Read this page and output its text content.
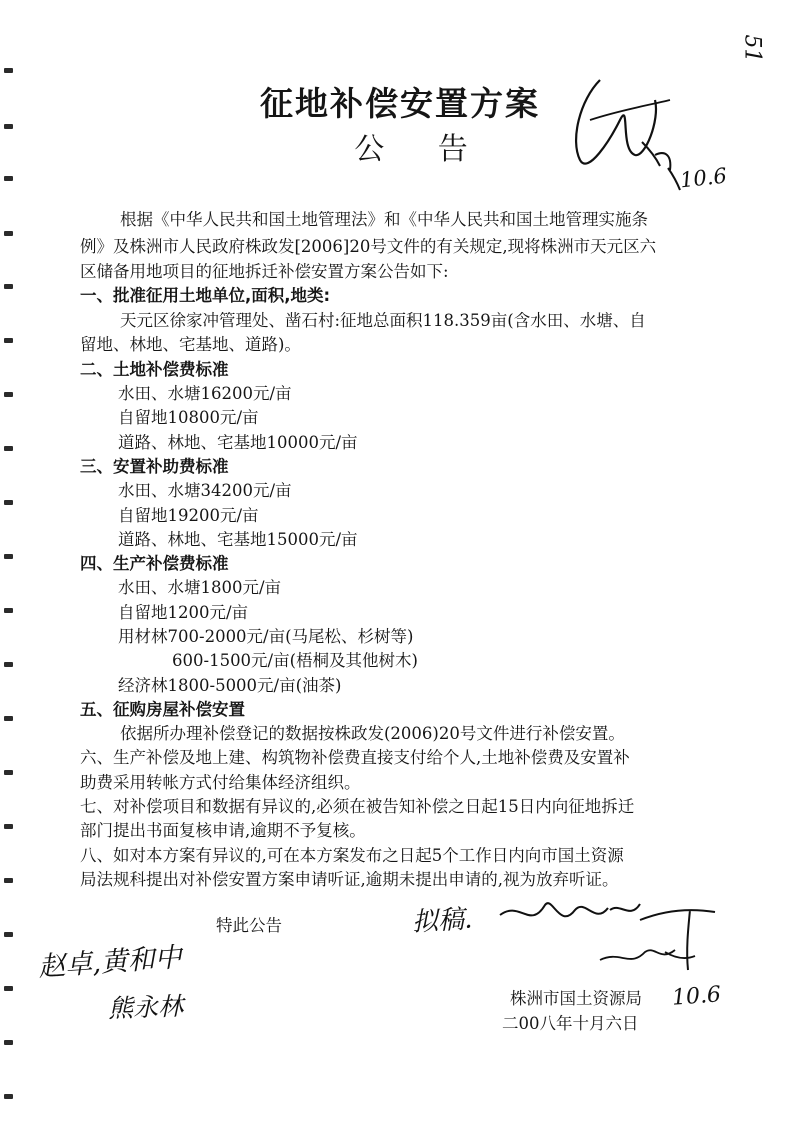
51
征地补偿安置方案
公 告
10.6
根据《中华人民共和国土地管理法》和《中华人民共和国土地管理实施条
例》及株洲市人民政府株政发[2006]20号文件的有关规定,现将株洲市天元区六
区储备用地项目的征地拆迁补偿安置方案公告如下:
一、批准征用土地单位,面积,地类:
天元区徐家冲管理处、凿石村:征地总面积118.359亩(含水田、水塘、自
留地、林地、宅基地、道路)。
二、土地补偿费标准
水田、水塘16200元/亩
自留地10800元/亩
道路、林地、宅基地10000元/亩
三、安置补助费标准
水田、水塘34200元/亩
自留地19200元/亩
道路、林地、宅基地15000元/亩
四、生产补偿费标准
水田、水塘1800元/亩
自留地1200元/亩
用材林700-2000元/亩(马尾松、杉树等)
600-1500元/亩(梧桐及其他树木)
经济林1800-5000元/亩(油茶)
五、征购房屋补偿安置
依据所办理补偿登记的数据按株政发(2006)20号文件进行补偿安置。
六、生产补偿及地上建、构筑物补偿费直接支付给个人,土地补偿费及安置补
助费采用转帐方式付给集体经济组织。
七、对补偿项目和数据有异议的,必须在被告知补偿之日起15日内向征地拆迁
部门提出书面复核申请,逾期不予复核。
八、如对本方案有异议的,可在本方案发布之日起5个工作日内向市国土资源
局法规科提出对补偿安置方案申请听证,逾期未提出申请的,视为放弃听证。
特此公告	拟稿.
赵卓,黄和中
熊永林	株洲市国土资源局
二00八年十月六日
10.6
